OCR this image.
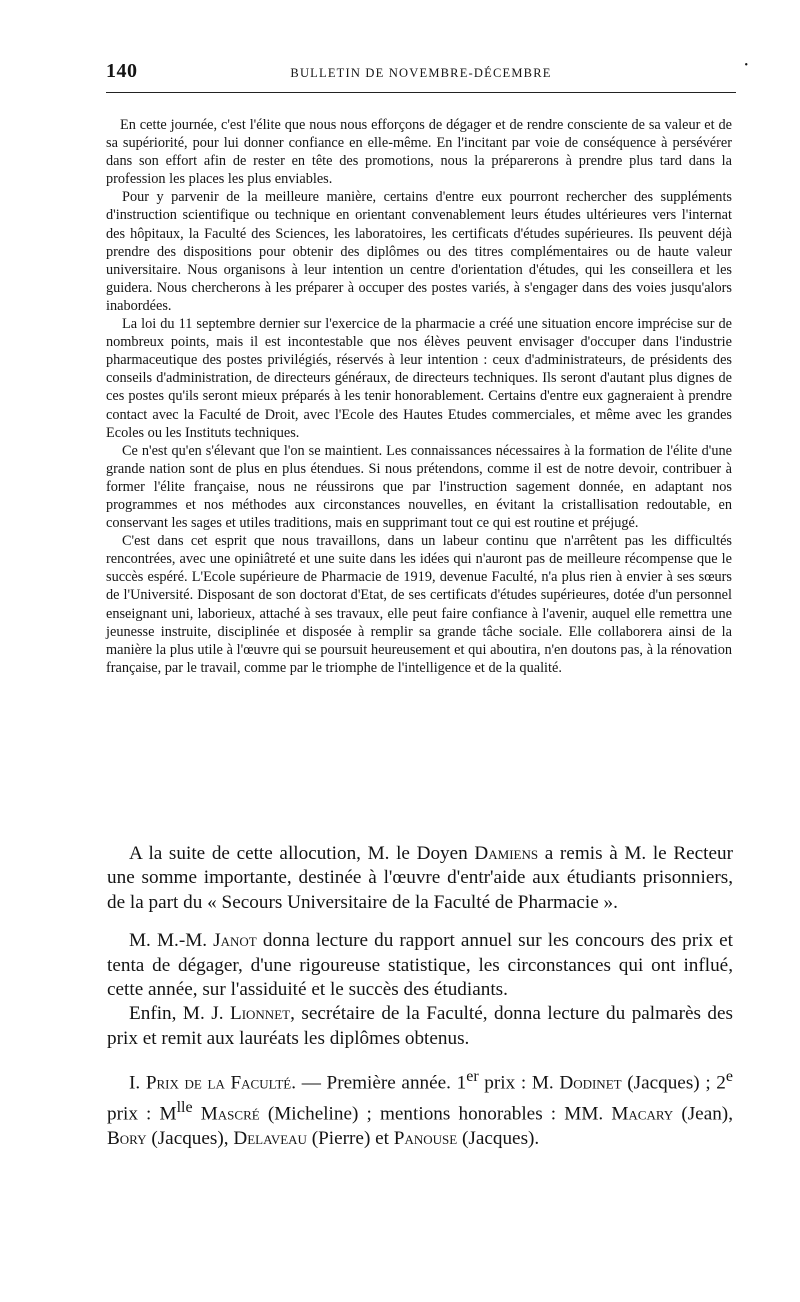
140	BULLETIN DE NOVEMBRE-DÉCEMBRE
•

En cette journée, c'est l'élite que nous nous efforçons de dégager et de rendre consciente de sa valeur et de sa supériorité, pour lui donner confiance en elle-même. En l'incitant par voie de conséquence à persévérer dans son effort afin de rester en tête des promotions, nous la préparerons à prendre plus tard dans la profession les places les plus enviables.

Pour y parvenir de la meilleure manière, certains d'entre eux pourront rechercher des suppléments d'instruction scientifique ou technique en orientant convenablement leurs études ultérieures vers l'internat des hôpitaux, la Faculté des Sciences, les laboratoires, les certificats d'études supérieures. Ils peuvent déjà prendre des dispositions pour obtenir des diplômes ou des titres complémentaires ou de haute valeur universitaire. Nous organisons à leur intention un centre d'orientation d'études, qui les conseillera et les guidera. Nous chercherons à les préparer à occuper des postes variés, à s'engager dans des voies jusqu'alors inabordées.

La loi du 11 septembre dernier sur l'exercice de la pharmacie a créé une situation encore imprécise sur de nombreux points, mais il est incontestable que nos élèves peuvent envisager d'occuper dans l'industrie pharmaceutique des postes privilégiés, réservés à leur intention : ceux d'administrateurs, de présidents des conseils d'administration, de directeurs généraux, de directeurs techniques. Ils seront d'autant plus dignes de ces postes qu'ils seront mieux préparés à les tenir honorablement. Certains d'entre eux gagneraient à prendre contact avec la Faculté de Droit, avec l'Ecole des Hautes Etudes commerciales, et même avec les grandes Ecoles ou les Instituts techniques.

Ce n'est qu'en s'élevant que l'on se maintient. Les connaissances nécessaires à la formation de l'élite d'une grande nation sont de plus en plus étendues. Si nous prétendons, comme il est de notre devoir, contribuer à former l'élite française, nous ne réussirons que par l'instruction sagement donnée, en adaptant nos programmes et nos méthodes aux circonstances nouvelles, en évitant la cristallisation redoutable, en conservant les sages et utiles traditions, mais en supprimant tout ce qui est routine et préjugé.

C'est dans cet esprit que nous travaillons, dans un labeur continu que n'arrêtent pas les difficultés rencontrées, avec une opiniâtreté et une suite dans les idées qui n'auront pas de meilleure récompense que le succès espéré. L'Ecole supérieure de Pharmacie de 1919, devenue Faculté, n'a plus rien à envier à ses sœurs de l'Université. Disposant de son doctorat d'Etat, de ses certificats d'études supérieures, dotée d'un personnel enseignant uni, laborieux, attaché à ses travaux, elle peut faire confiance à l'avenir, auquel elle remettra une jeunesse instruite, disciplinée et disposée à remplir sa grande tâche sociale. Elle collaborera ainsi de la manière la plus utile à l'œuvre qui se poursuit heureusement et qui aboutira, n'en doutons pas, à la rénovation française, par le travail, comme par le triomphe de l'intelligence et de la qualité.

A la suite de cette allocution, M. le Doyen Damiens a remis à M. le Recteur une somme importante, destinée à l'œuvre d'entr'aide aux étudiants prisonniers, de la part du « Secours Universitaire de la Faculté de Pharmacie ».

M. M.-M. Janot donna lecture du rapport annuel sur les concours des prix et tenta de dégager, d'une rigoureuse statistique, les circonstances qui ont influé, cette année, sur l'assiduité et le succès des étudiants.

Enfin, M. J. Lionnet, secrétaire de la Faculté, donna lecture du palmarès des prix et remit aux lauréats les diplômes obtenus.

I. Prix de la Faculté. — Première année. 1er prix : M. Dodinet (Jacques) ; 2e prix : $M^{lle}$ Mascré (Micheline) ; mentions honorables : MM. Macary (Jean), Bory (Jacques), Delaveau (Pierre) et Panouse (Jacques).
